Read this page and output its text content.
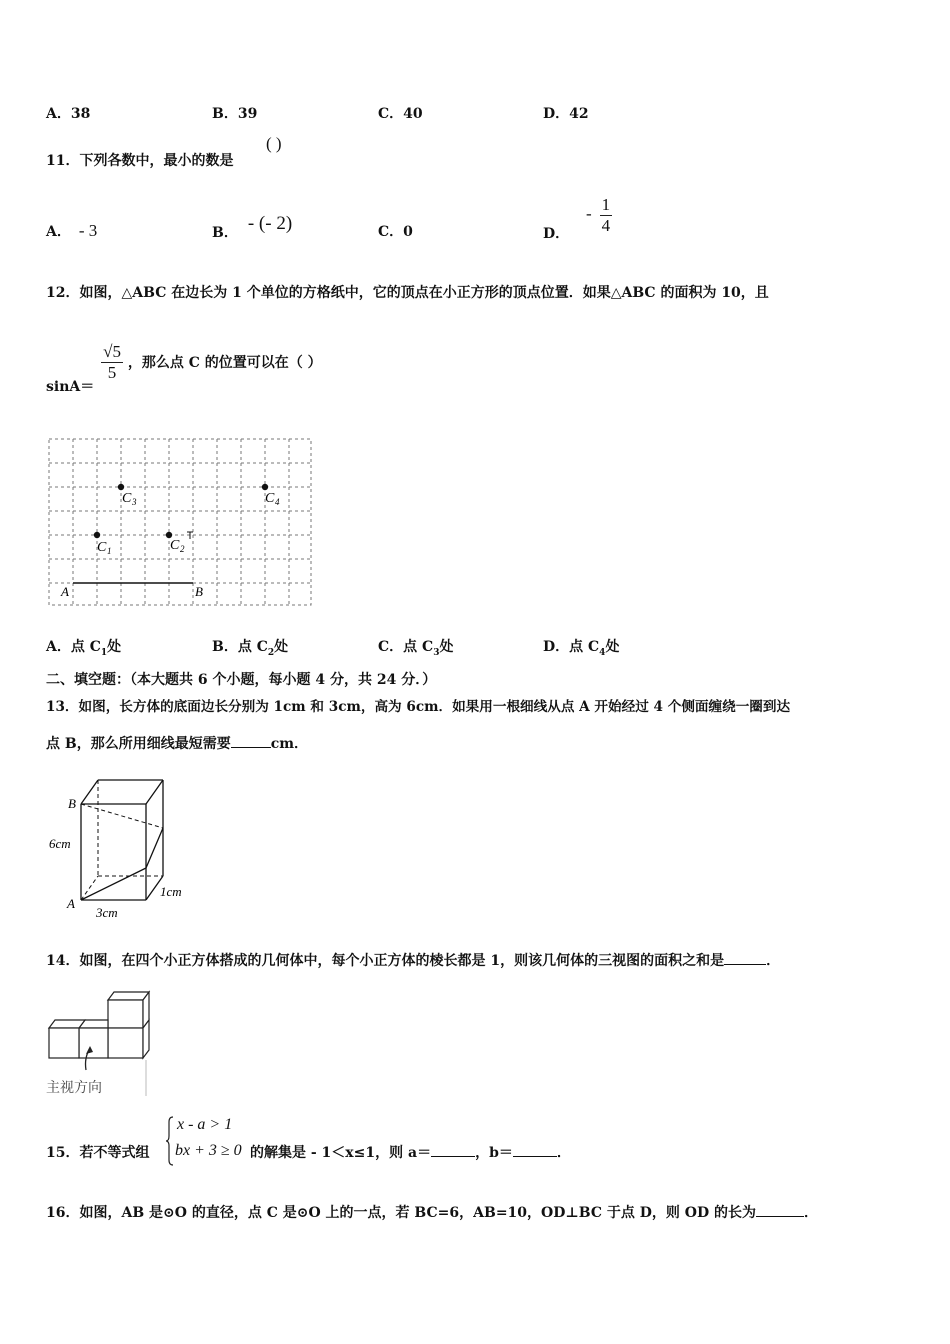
A．38	B．39	C．40	D．42
11．下列各数中，最小的数是
( )
A． - 3	B． - (- 2)	C．0	D． - $\frac{1}{4}$
12．如图，△ABC 在边长为 1 个单位的方格纸中，它的顶点在小正方形的顶点位置．如果△ABC 的面积为 10，且
sinA＝
$\frac{√5}{5}$ ，那么点 C 的位置可以在（ ）
A	B
C 3	C 4
C 1	C 2
A．点 $C_1$处	B．点 $C_2$处	C．点 $C_3$处	D．点 $C_4$处
二、填空题：（本大题共 6 个小题，每小题 4 分，共 24 分．）
13．如图，长方体的底面边长分别为 1cm 和 3cm，高为 6cm．如果用一根细线从点 A 开始经过 4 个侧面缠绕一圈到达
点 B，那么所用细线最短需要	cm．
B
A
6cm
3cm
1cm
14．如图，在四个小正方体搭成的几何体中，每个小正方体的棱长都是 1，则该几何体的三视图的面积之和是	．
主视方向
15．若不等式组
x - a > 1
bx + 3 ≥ 0 的解集是 - 1＜x≤1，则 a＝	，b＝	．
16．如图，AB 是⊙O 的直径，点 C 是⊙O 上的一点，若 BC=6，AB=10，OD⊥BC 于点 D，则 OD 的长为	．
